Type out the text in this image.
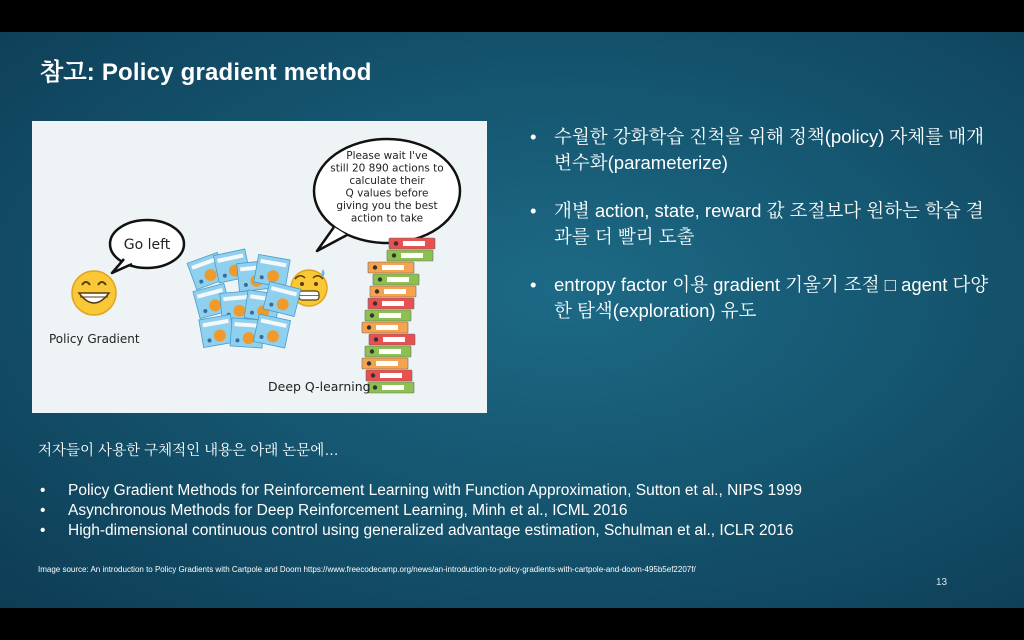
참고: Policy gradient method
Go left
Please wait I've
still 20 890 actions to
calculate their
Q values before
giving you the best
action to take
Policy Gradient
Deep Q-learning
• 수월한 강화학습 진척을 위해 정책(policy) 자체를 매개변수화(parameterize)
• 개별 action, state, reward 값 조절보다 원하는 학습 결과를 더 빨리 도출
• entropy factor 이용 gradient 기울기 조절 □ agent 다양한 탐색(exploration) 유도
저자들이 사용한 구체적인 내용은 아래 논문에…
• Policy Gradient Methods for Reinforcement Learning with Function Approximation, Sutton et al., NIPS 1999
• Asynchronous Methods for Deep Reinforcement Learning, Minh et al., ICML 2016
• High-dimensional continuous control using generalized advantage estimation, Schulman et al., ICLR 2016
Image source: An introduction to Policy Gradients with Cartpole and Doom https://www.freecodecamp.org/news/an-introduction-to-policy-gradients-with-cartpole-and-doom-495b5ef2207f/
13
